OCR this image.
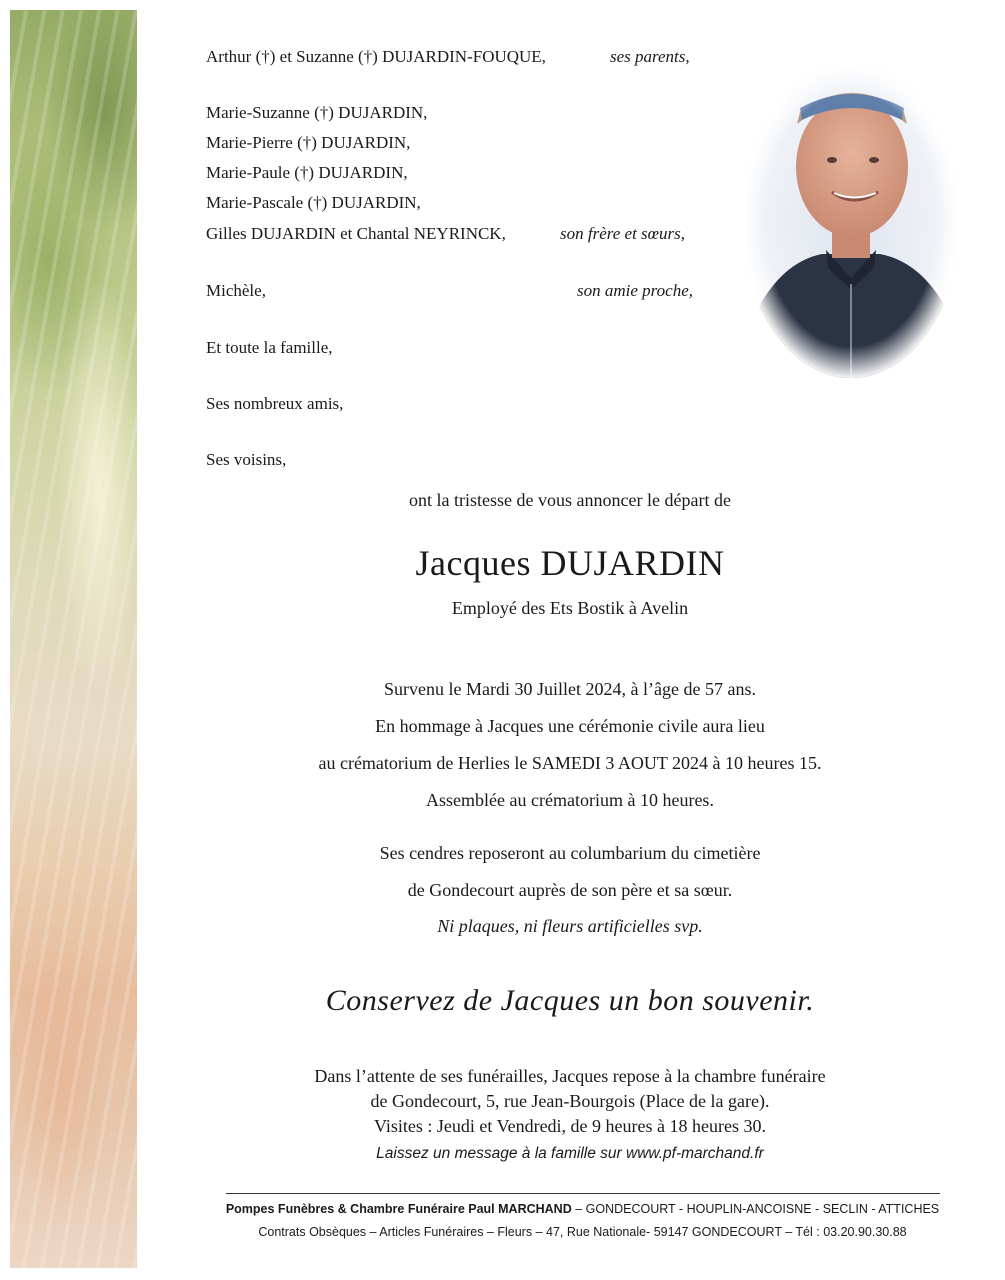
Arthur (†) et Suzanne (†) DUJARDIN-FOUQUE,	ses parents,
Marie-Suzanne (†) DUJARDIN,
Marie-Pierre (†) DUJARDIN,
Marie-Paule (†) DUJARDIN,
Marie-Pascale (†) DUJARDIN,
Gilles DUJARDIN et Chantal NEYRINCK,	son frère et sœurs,
Michèle,	son amie proche,
Et toute la famille,
Ses nombreux amis,
Ses voisins,
ont la tristesse de vous annoncer le départ de
Jacques DUJARDIN
Employé des Ets Bostik à Avelin
Survenu le Mardi 30 Juillet 2024, à l’âge de 57 ans.
En hommage à Jacques une cérémonie civile aura lieu
au crématorium de Herlies le SAMEDI 3 AOUT 2024 à 10 heures 15.
Assemblée au crématorium à 10 heures.
Ses cendres reposeront au columbarium du cimetière
de Gondecourt auprès de son père et sa sœur.
Ni plaques, ni fleurs artificielles svp.
Conservez de Jacques un bon souvenir.
Dans l’attente de ses funérailles, Jacques repose à la chambre funéraire
de Gondecourt, 5, rue Jean-Bourgois (Place de la gare).
Visites : Jeudi et Vendredi, de 9 heures à 18 heures 30.
Laissez un message à la famille sur www.pf-marchand.fr
Pompes Funèbres & Chambre Funéraire Paul MARCHAND – GONDECOURT - HOUPLIN-ANCOISNE - SECLIN - ATTICHES
Contrats Obsèques – Articles Funéraires – Fleurs – 47, Rue Nationale- 59147 GONDECOURT – Tél : 03.20.90.30.88
